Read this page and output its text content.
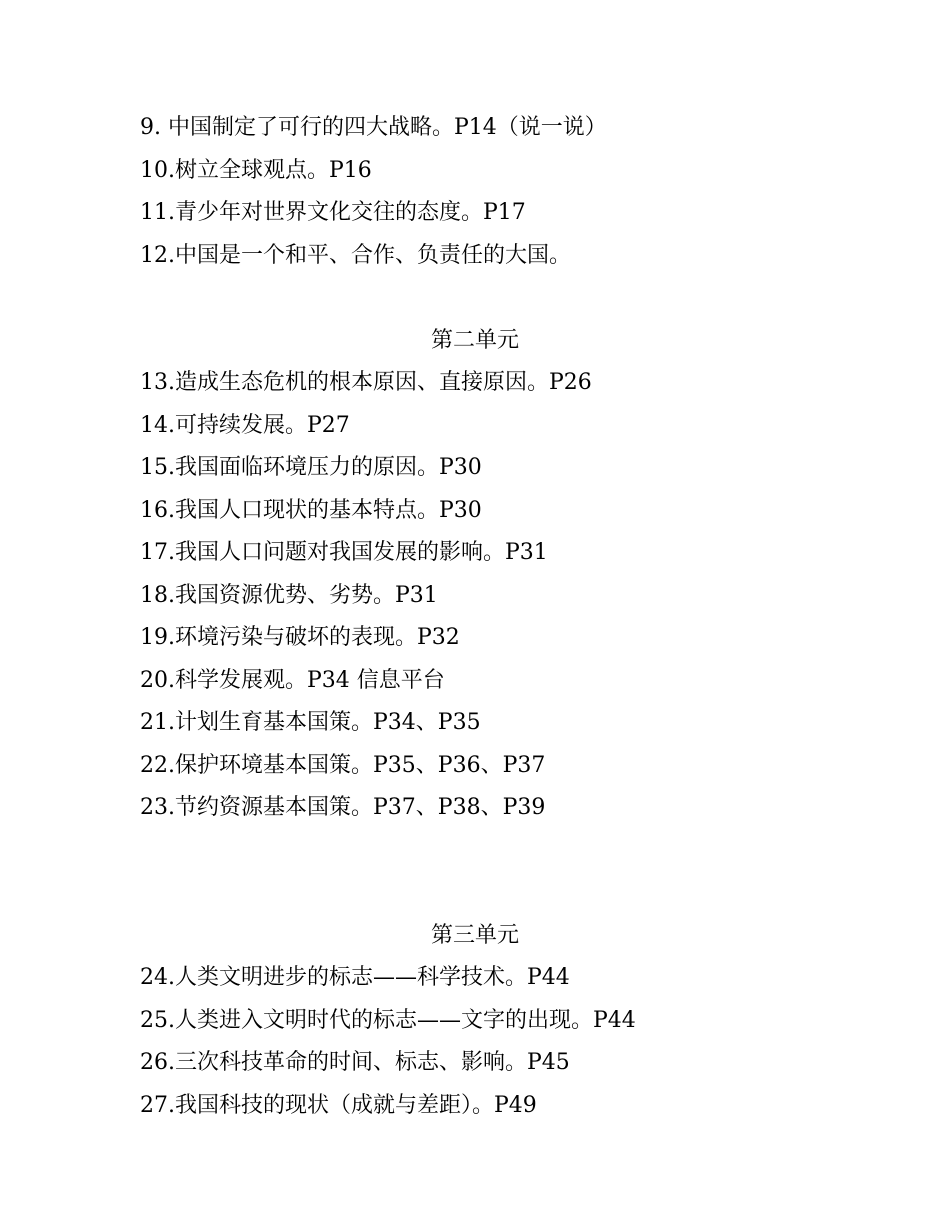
9. 中国制定了可行的四大战略。P14（说一说）
10.树立全球观点。P16
11.青少年对世界文化交往的态度。P17
12.中国是一个和平、合作、负责任的大国。
第二单元
13.造成生态危机的根本原因、直接原因。P26
14.可持续发展。P27
15.我国面临环境压力的原因。P30
16.我国人口现状的基本特点。P30
17.我国人口问题对我国发展的影响。P31
18.我国资源优势、劣势。P31
19.环境污染与破坏的表现。P32
20.科学发展观。P34 信息平台
21.计划生育基本国策。P34、P35
22.保护环境基本国策。P35、P36、P37
23.节约资源基本国策。P37、P38、P39
第三单元
24.人类文明进步的标志——科学技术。P44
25.人类进入文明时代的标志——文字的出现。P44
26.三次科技革命的时间、标志、影响。P45
27.我国科技的现状（成就与差距）。P49
